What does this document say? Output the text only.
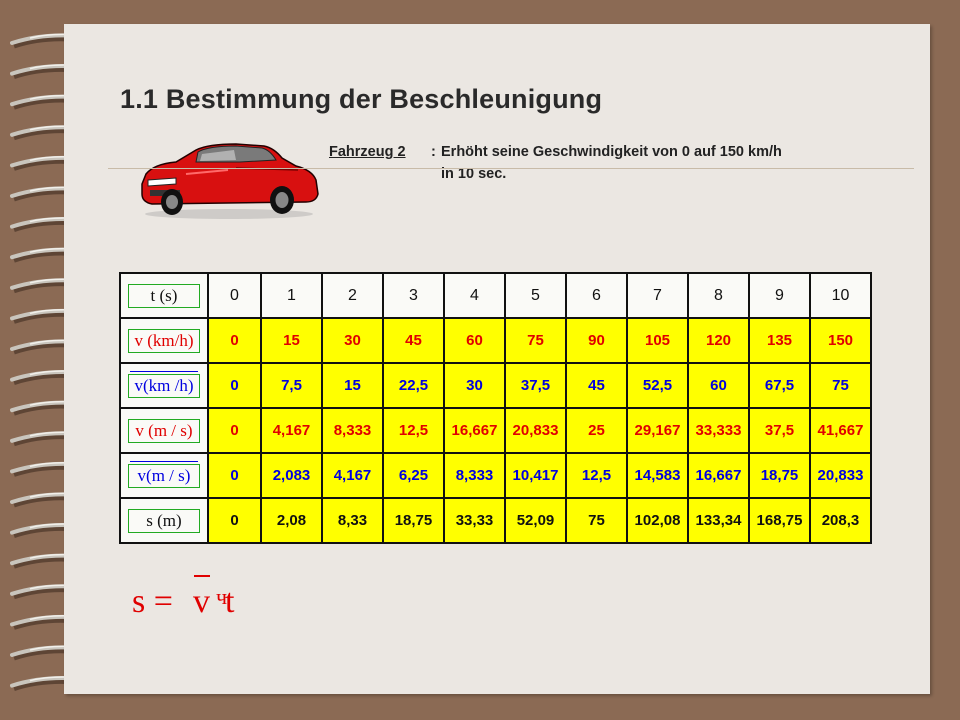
1.1 Bestimmung der Beschleunigung
Fahrzeug 2 : Erhöht seine Geschwindigkeit von 0 auf 150 km/h
in 10 sec.
t (s)	0	1	2	3	4	5	6	7	8	9	10

v (km/h)	0	15	30	45	60	75	90	105	120	135	150
v(km /h)	0	7,5	15	22,5	30	37,5	45	52,5	60	67,5	75

v (m / s)	0	4,167	8,333	12,5	16,667	20,833	25	29,167	33,333	37,5	41,667
v(m / s)	0	2,083	4,167	6,25	8,333	10,417	12,5	14,583	16,667	18,75	20,833

s (m)	0	2,08	8,33	18,75	33,33	52,09	75	102,08	133,34	168,75	208,3
s = v ч
t
